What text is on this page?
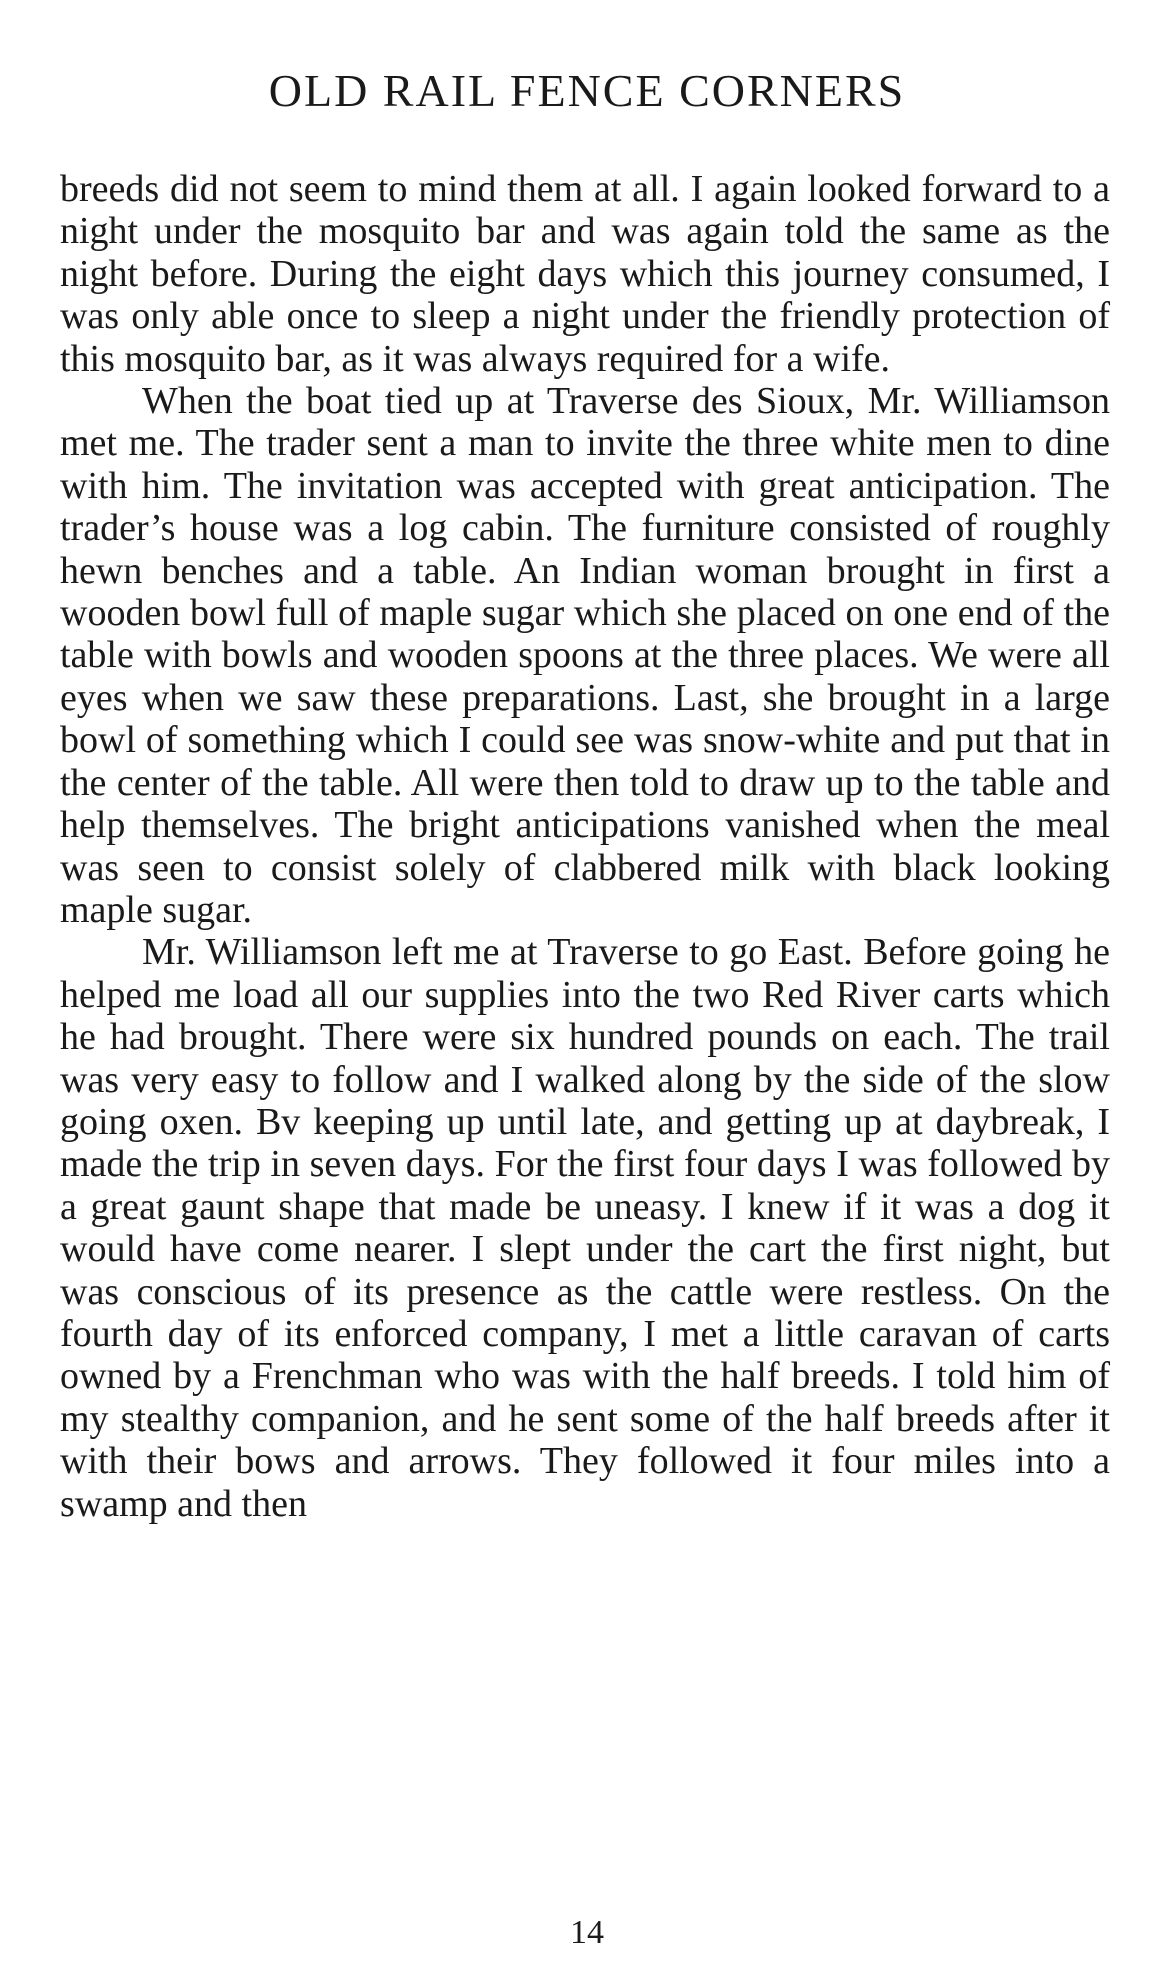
OLD RAIL FENCE CORNERS

breeds did not seem to mind them at all. I again looked forward to a night under the mosquito bar and was again told the same as the night before. During the eight days which this journey consumed, I was only able once to sleep a night under the friendly protection of this mosquito bar, as it was always required for a wife.

When the boat tied up at Traverse des Sioux, Mr. Williamson met me. The trader sent a man to invite the three white men to dine with him. The invitation was accepted with great anticipation. The trader’s house was a log cabin. The furniture consisted of roughly hewn benches and a table. An Indian woman brought in first a wooden bowl full of maple sugar which she placed on one end of the table with bowls and wooden spoons at the three places. We were all eyes when we saw these preparations. Last, she brought in a large bowl of something which I could see was snow-white and put that in the center of the table. All were then told to draw up to the table and help themselves. The bright anticipations vanished when the meal was seen to consist solely of clabbered milk with black looking maple sugar.

Mr. Williamson left me at Traverse to go East. Before going he helped me load all our supplies into the two Red River carts which he had brought. There were six hundred pounds on each. The trail was very easy to follow and I walked along by the side of the slow going oxen. Bv keeping up until late, and getting up at daybreak, I made the trip in seven days. For the first four days I was followed by a great gaunt shape that made be uneasy. I knew if it was a dog it would have come nearer. I slept under the cart the first night, but was conscious of its presence as the cattle were restless. On the fourth day of its enforced company, I met a little caravan of carts owned by a Frenchman who was with the half breeds. I told him of my stealthy companion, and he sent some of the half breeds after it with their bows and arrows. They followed it four miles into a swamp and then

14
